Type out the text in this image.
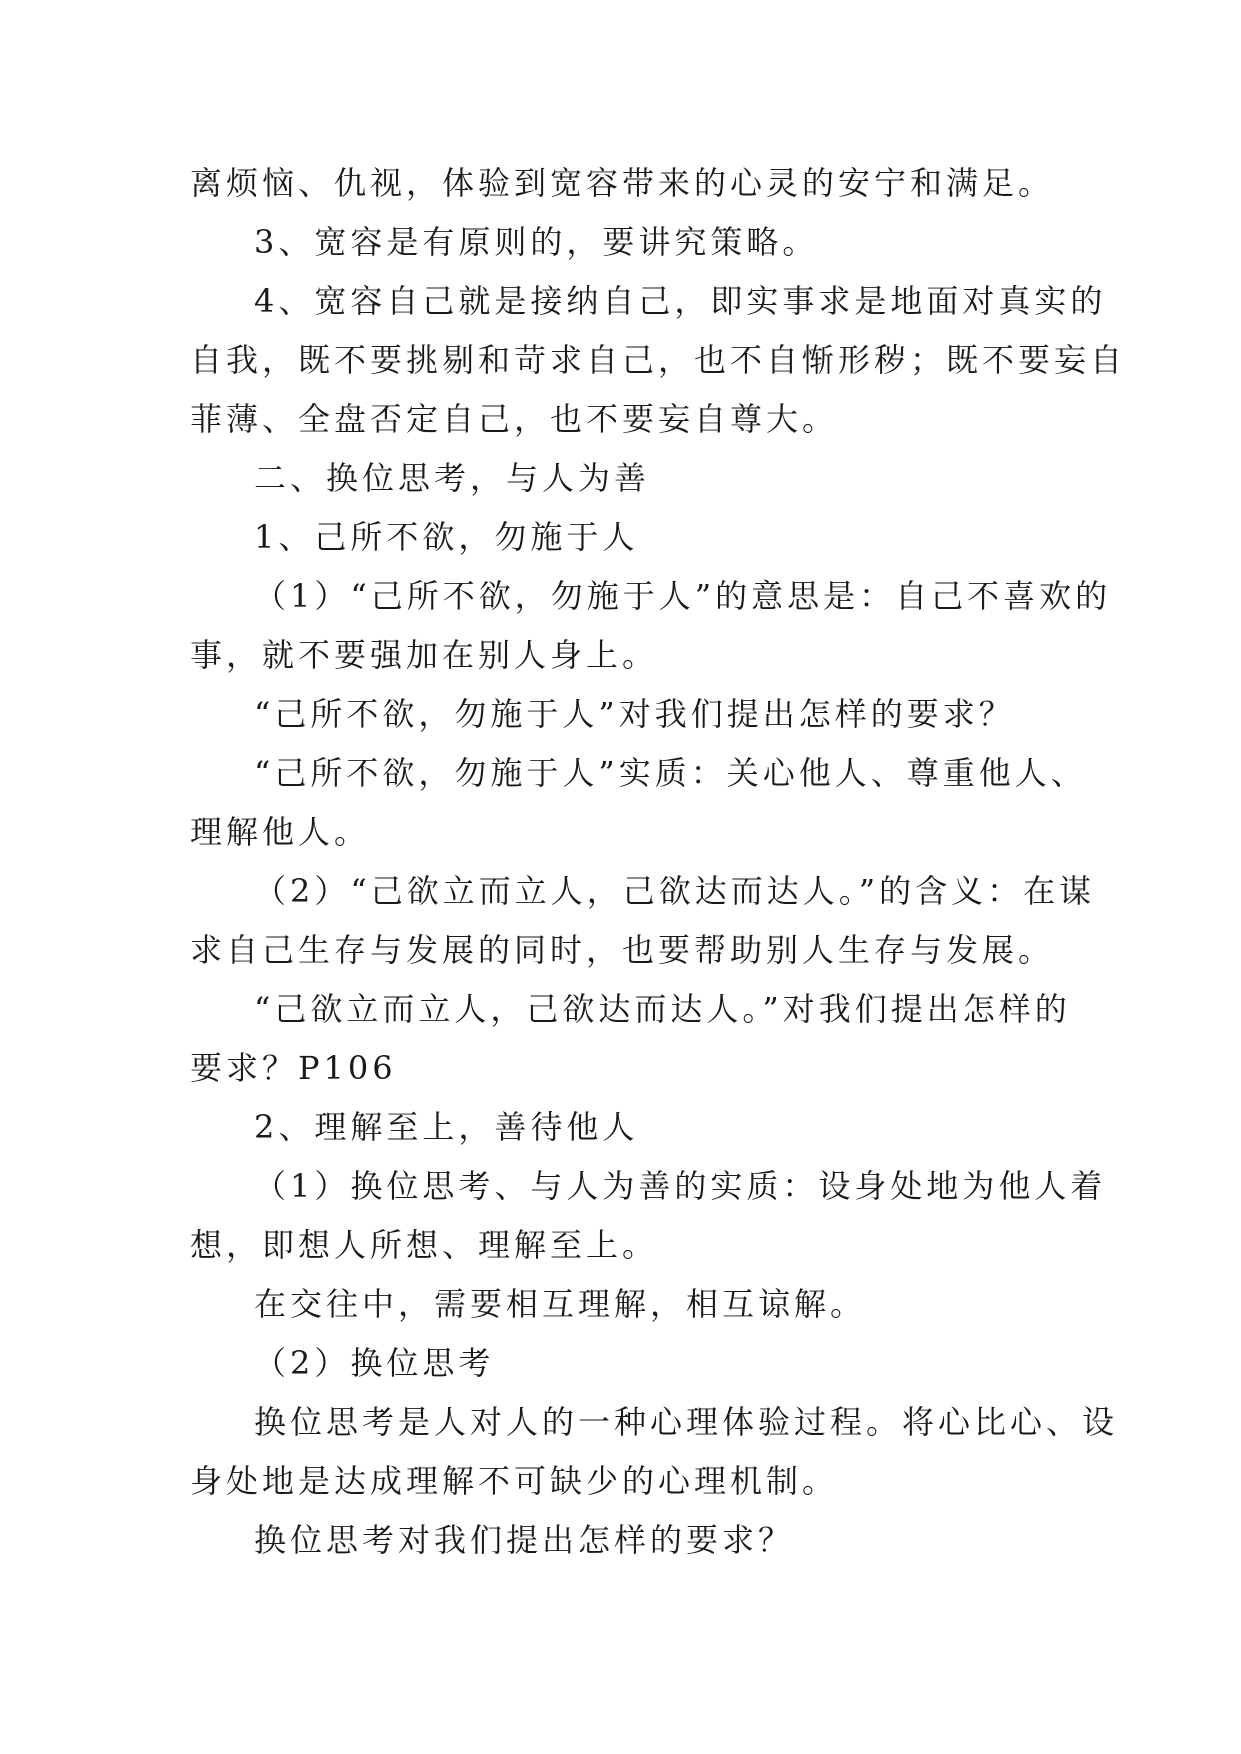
离烦恼、仇视，体验到宽容带来的心灵的安宁和满足。

3、宽容是有原则的，要讲究策略。

4、宽容自己就是接纳自己，即实事求是地面对真实的

自我，既不要挑剔和苛求自己，也不自惭形秽；既不要妄自

菲薄、全盘否定自己，也不要妄自尊大。

二、换位思考，与人为善

1、己所不欲，勿施于人

（1）“己所不欲，勿施于人”的意思是：自己不喜欢的

事，就不要强加在别人身上。

“己所不欲，勿施于人”对我们提出怎样的要求？

“己所不欲，勿施于人”实质：关心他人、尊重他人、

理解他人。

（2）“己欲立而立人，己欲达而达人。”的含义：在谋

求自己生存与发展的同时，也要帮助别人生存与发展。

“己欲立而立人，己欲达而达人。”对我们提出怎样的

要求？P106

2、理解至上，善待他人

（1）换位思考、与人为善的实质：设身处地为他人着

想，即想人所想、理解至上。

在交往中，需要相互理解，相互谅解。

（2）换位思考

换位思考是人对人的一种心理体验过程。将心比心、设

身处地是达成理解不可缺少的心理机制。

换位思考对我们提出怎样的要求？
